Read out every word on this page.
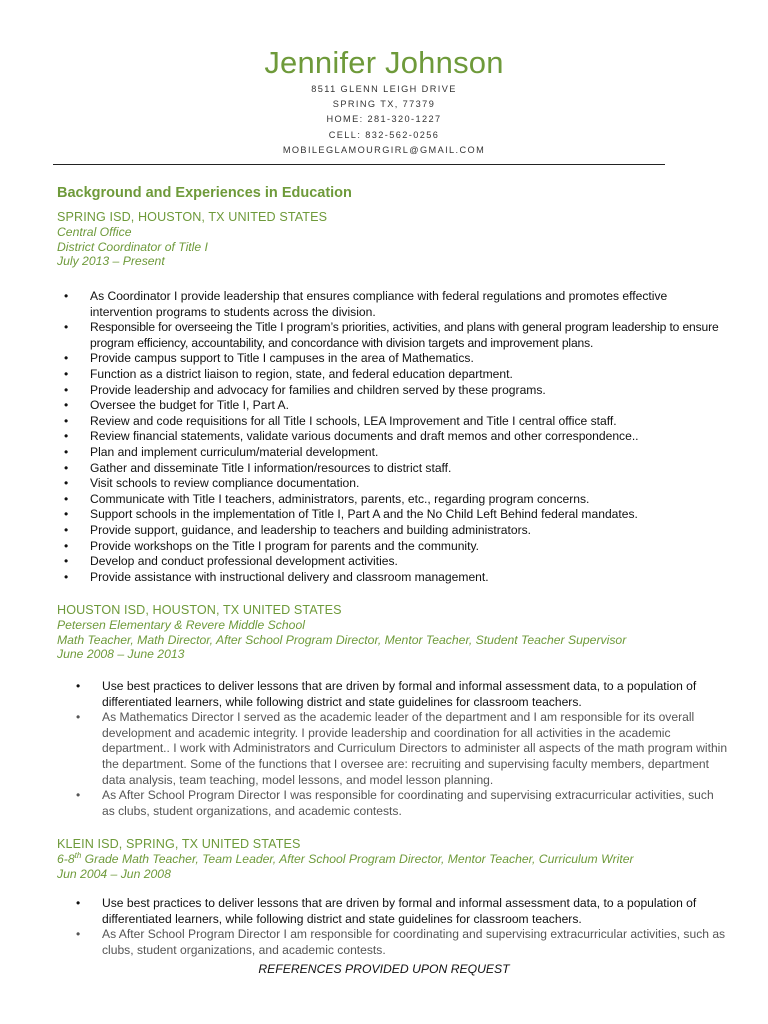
Jennifer Johnson
8511 GLENN LEIGH DRIVE
SPRING TX, 77379
HOME: 281-320-1227
CELL: 832-562-0256
MOBILEGLAMOURGIRL@GMAIL.COM
Background and Experiences in Education
SPRING ISD, HOUSTON, TX UNITED STATES
Central Office
District Coordinator of Title I
July 2013 – Present
• As Coordinator I provide leadership that ensures compliance with federal regulations and promotes effective intervention programs to students across the division.
• Responsible for overseeing the Title I program’s priorities, activities, and plans with general program leadership to ensure program efficiency, accountability, and concordance with division targets and improvement plans.
• Provide campus support to Title I campuses in the area of Mathematics.
• Function as a district liaison to region, state, and federal education department.
• Provide leadership and advocacy for families and children served by these programs.
• Oversee the budget for Title I, Part A.
• Review and code requisitions for all Title I schools, LEA Improvement and Title I central office staff.
• Review financial statements, validate various documents and draft memos and other correspondence..
• Plan and implement curriculum/material development.
• Gather and disseminate Title I information/resources to district staff.
• Visit schools to review compliance documentation.
• Communicate with Title I teachers, administrators, parents, etc., regarding program concerns.
• Support schools in the implementation of Title I, Part A and the No Child Left Behind federal mandates.
• Provide support, guidance, and leadership to teachers and building administrators.
• Provide workshops on the Title I program for parents and the community.
• Develop and conduct professional development activities.
• Provide assistance with instructional delivery and classroom management.
HOUSTON ISD, HOUSTON, TX UNITED STATES
Petersen Elementary & Revere Middle School
Math Teacher, Math Director, After School Program Director, Mentor Teacher, Student Teacher Supervisor
June 2008 – June 2013
• Use best practices to deliver lessons that are driven by formal and informal assessment data, to a population of differentiated learners, while following district and state guidelines for classroom teachers.
• As Mathematics Director I served as the academic leader of the department and I am responsible for its overall development and academic integrity. I provide leadership and coordination for all activities in the academic department.. I work with Administrators and Curriculum Directors to administer all aspects of the math program within the department. Some of the functions that I oversee are: recruiting and supervising faculty members, department data analysis, team teaching, model lessons, and model lesson planning.
• As After School Program Director I was responsible for coordinating and supervising extracurricular activities, such as clubs, student organizations, and academic contests.
KLEIN ISD, SPRING, TX UNITED STATES
6-8th Grade Math Teacher, Team Leader, After School Program Director, Mentor Teacher, Curriculum Writer
Jun 2004 – Jun 2008
• Use best practices to deliver lessons that are driven by formal and informal assessment data, to a population of differentiated learners, while following district and state guidelines for classroom teachers.
• As After School Program Director I am responsible for coordinating and supervising extracurricular activities, such as clubs, student organizations, and academic contests.
REFERENCES PROVIDED UPON REQUEST
